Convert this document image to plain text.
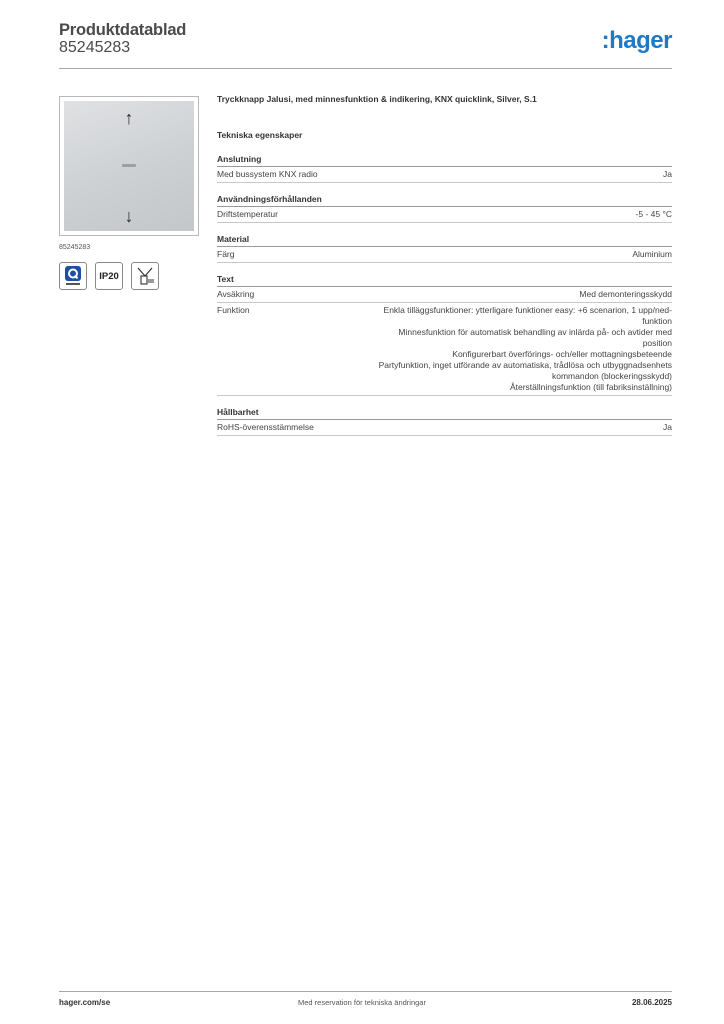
Produktdatablad
85245283	:hager
↑
↓
85245283
IP20
Tryckknapp Jalusi, med minnesfunktion & indikering, KNX quicklink, Silver, S.1
Tekniska egenskaper
Anslutning
Med bussystem KNX radio	Ja
Användningsförhållanden
Driftstemperatur	-5 - 45 °C
Material
Färg	Aluminium
Text
Avsäkring	Med demonteringsskydd
Funktion	Enkla tilläggsfunktioner: ytterligare funktioner easy: +6 scenarion, 1 upp/ned-
funktion
Minnesfunktion för automatisk behandling av inlärda på- och avtider med
position
Konfigurerbart överförings- och/eller mottagningsbeteende
Partyfunktion, inget utförande av automatiska, trådlösa och utbyggnadsenhets
kommandon (blockeringsskydd)
Återställningsfunktion (till fabriksinställning)
Hållbarhet
RoHS-överensstämmelse	Ja
hager.com/se	Med reservation för tekniska ändringar	28.06.2025
